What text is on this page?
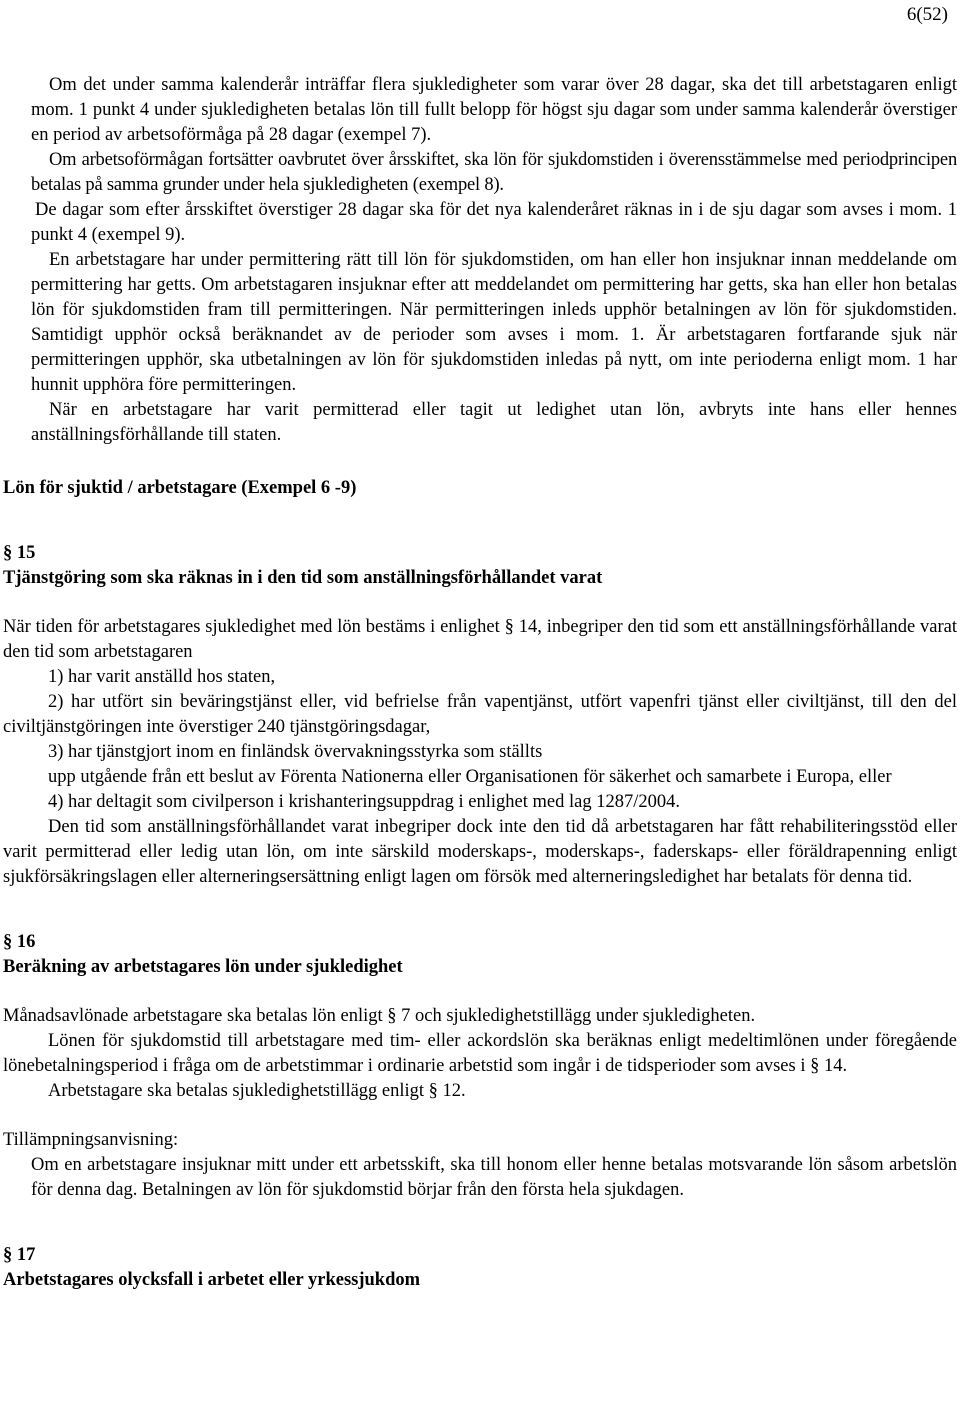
6(52)

Om det under samma kalenderår inträffar flera sjukledigheter som varar över 28 dagar, ska det till arbetstagaren enligt mom. 1 punkt 4 under sjukledigheten betalas lön till fullt belopp för högst sju dagar som under samma kalenderår överstiger en period av arbetsoförmåga på 28 dagar (exempel 7).

Om arbetsoförmågan fortsätter oavbrutet över årsskiftet, ska lön för sjukdomstiden i överensstämmelse med periodprincipen betalas på samma grunder under hela sjukledigheten (exempel 8).

De dagar som efter årsskiftet överstiger 28 dagar ska för det nya kalenderåret räknas in i de sju dagar som avses i mom. 1 punkt 4 (exempel 9).

En arbetstagare har under permittering rätt till lön för sjukdomstiden, om han eller hon insjuknar innan meddelande om permittering har getts. Om arbetstagaren insjuknar efter att meddelandet om permittering har getts, ska han eller hon betalas lön för sjukdomstiden fram till permitteringen. När permitteringen inleds upphör betalningen av lön för sjukdomstiden. Samtidigt upphör också beräknandet av de perioder som avses i mom. 1. Är arbetstagaren fortfarande sjuk när permitteringen upphör, ska utbetalningen av lön för sjukdomstiden inledas på nytt, om inte perioderna enligt mom. 1 har hunnit upphöra före permitteringen.

När en arbetstagare har varit permitterad eller tagit ut ledighet utan lön, avbryts inte hans eller hennes anställningsförhållande till staten.

Lön för sjuktid / arbetstagare (Exempel 6 -9)

§ 15

Tjänstgöring som ska räknas in i den tid som anställningsförhållandet varat

När tiden för arbetstagares sjukledighet med lön bestäms i enlighet § 14, inbegriper den tid som ett anställningsförhållande varat den tid som arbetstagaren

1) har varit anställd hos staten,

2) har utfört sin beväringstjänst eller, vid befrielse från vapentjänst, utfört vapenfri tjänst eller civiltjänst, till den del civiltjänstgöringen inte överstiger 240 tjänstgöringsdagar,

3) har tjänstgjort inom en finländsk övervakningsstyrka som ställts

upp utgående från ett beslut av Förenta Nationerna eller Organisationen för säkerhet och samarbete i Europa, eller

4) har deltagit som civilperson i krishanteringsuppdrag i enlighet med lag 1287/2004.

Den tid som anställningsförhållandet varat inbegriper dock inte den tid då arbetstagaren har fått rehabiliteringsstöd eller varit permitterad eller ledig utan lön, om inte särskild moderskaps-, moderskaps-, faderskaps- eller föräldrapenning enligt sjukförsäkringslagen eller alterneringsersättning enligt lagen om försök med alterneringsledighet har betalats för denna tid.

§ 16

Beräkning av arbetstagares lön under sjukledighet

Månadsavlönade arbetstagare ska betalas lön enligt § 7 och sjukledighetstillägg under sjukledigheten.

Lönen för sjukdomstid till arbetstagare med tim- eller ackordslön ska beräknas enligt medeltimlönen under föregående lönebetalningsperiod i fråga om de arbetstimmar i ordinarie arbetstid som ingår i de tidsperioder som avses i § 14.

Arbetstagare ska betalas sjukledighetstillägg enligt § 12.

Tillämpningsanvisning:

Om en arbetstagare insjuknar mitt under ett arbetsskift, ska till honom eller henne betalas motsvarande lön såsom arbetslön för denna dag. Betalningen av lön för sjukdomstid börjar från den första hela sjukdagen.

§ 17

Arbetstagares olycksfall i arbetet eller yrkessjukdom
